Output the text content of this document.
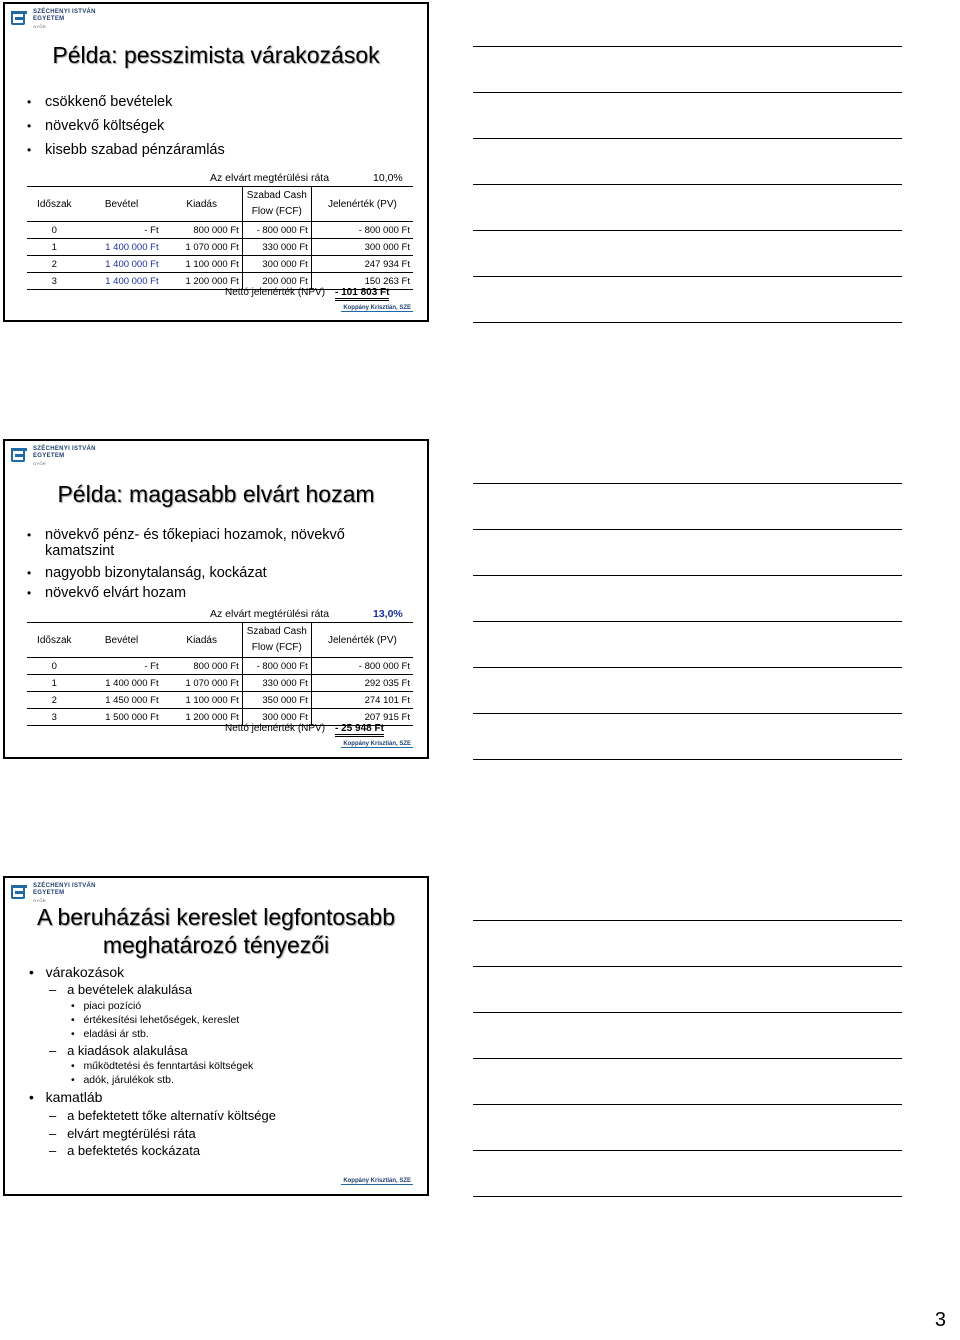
SZÉCHENYI ISTVÁN
EGYETEM
GYŐR
Példa: pesszimista várakozások
• csökkenő bevételek
• növekvő költségek
• kisebb szabad pénzáramlás
Az elvárt megtérülési ráta	10,0%
Időszak	Bevétel	Kiadás	Szabad Cash Flow (FCF)	Jelenérték (PV)
0	- Ft	800 000 Ft	- 800 000 Ft	- 800 000 Ft
1	1 400 000 Ft	1 070 000 Ft	330 000 Ft	300 000 Ft
2	1 400 000 Ft	1 100 000 Ft	300 000 Ft	247 934 Ft
3	1 400 000 Ft	1 200 000 Ft	200 000 Ft	150 263 Ft
Nettó jelenérték (NPV) - 101 803 Ft
Koppány Krisztián, SZE
SZÉCHENYI ISTVÁN
EGYETEM
GYŐR
Példa: magasabb elvárt hozam
• növekvő pénz- és tőkepiaci hozamok, növekvő kamatszint
• nagyobb bizonytalanság, kockázat
• növekvő elvárt hozam
Az elvárt megtérülési ráta	13,0%
Időszak	Bevétel	Kiadás	Szabad Cash Flow (FCF)	Jelenérték (PV)
0	- Ft	800 000 Ft	- 800 000 Ft	- 800 000 Ft
1	1 400 000 Ft	1 070 000 Ft	330 000 Ft	292 035 Ft
2	1 450 000 Ft	1 100 000 Ft	350 000 Ft	274 101 Ft
3	1 500 000 Ft	1 200 000 Ft	300 000 Ft	207 915 Ft
Nettó jelenérték (NPV) - 25 948 Ft
Koppány Krisztián, SZE
SZÉCHENYI ISTVÁN
EGYETEM
GYŐR
A beruházási kereslet legfontosabb
meghatározó tényezői
•   várakozások
–   a bevételek alakulása
•   piaci pozíció
•   értékesítési lehetőségek, kereslet
•   eladási ár stb.
–   a kiadások alakulása
•   működtetési és fenntartási költségek
•   adók, járulékok stb.
•   kamatláb
–   a befektetett tőke alternatív költsége
–   elvárt megtérülési ráta
–   a befektetés kockázata
Koppány Krisztián, SZE
3
